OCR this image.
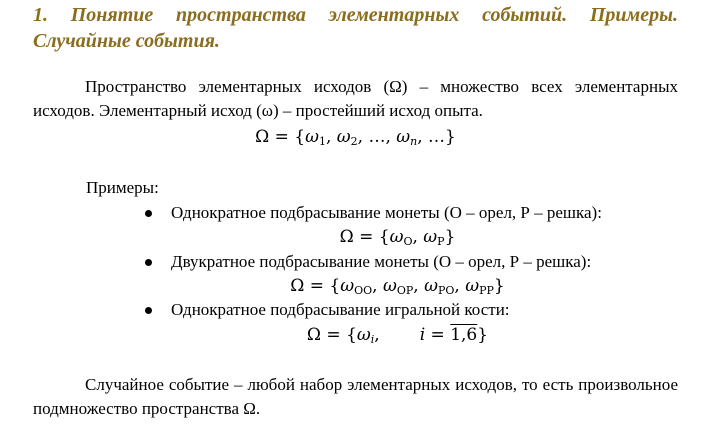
1. Понятие пространства элементарных событий. Примеры. Случайные события.

Пространство элементарных исходов (Ω) – множество всех элементарных исходов. Элементарный исход (ω) – простейший исход опыта.

$\Omega = \{\omega_1$, $\omega_2$, …, $\omega_n$, …}

Примеры:

Однократное подбрасывание монеты (О – орел, Р – решка):

$\Omega = \{\omega_О$, $\omega_Р$}

Двукратное подбрасывание монеты (О – орел, Р – решка):

$\Omega = \{\omega_{ОО}$, $\omega_{ОР}$, $\omega_{РО}$, $\omega_{РР}$}

Однократное подбрасывание игральной кости:

$\Omega = \{\omega_i$, i = 1,6}

Случайное событие – любой набор элементарных исходов, то есть произвольное подмножество пространства Ω.
